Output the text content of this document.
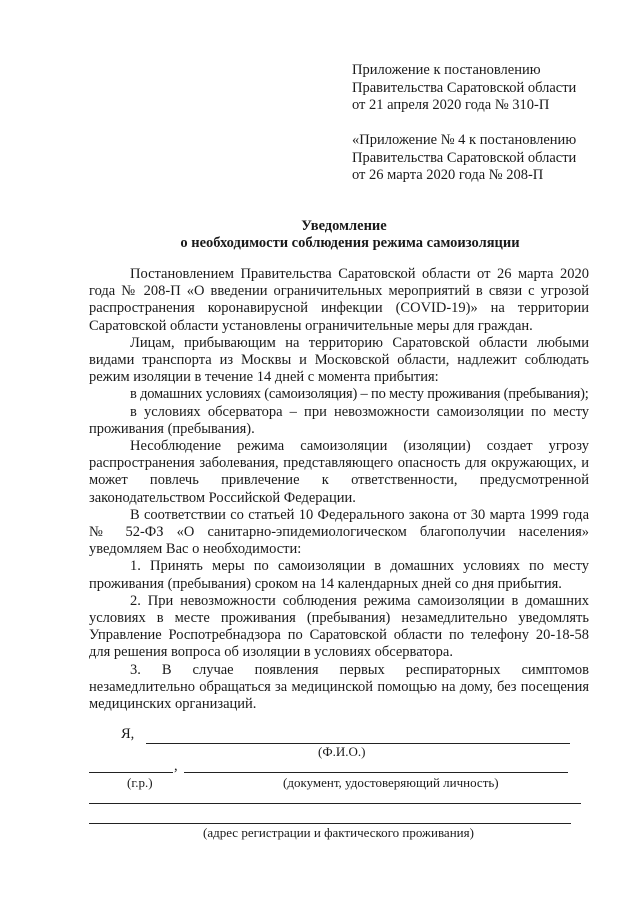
Приложение к постановлению
Правительства Саратовской области
от 21 апреля 2020 года № 310-П
«Приложение № 4 к постановлению
Правительства Саратовской области
от 26 марта 2020 года № 208-П
Уведомление
о необходимости соблюдения режима самоизоляции

Постановлением Правительства Саратовской области от 26 марта 2020 года № 208-П «О введении ограничительных мероприятий в связи с угрозой распространения коронавирусной инфекции (COVID-19)» на территории Саратовской области установлены ограничительные меры для граждан.

Лицам, прибывающим на территорию Саратовской области любыми видами транспорта из Москвы и Московской области, надлежит соблюдать режим изоляции в течение 14 дней с момента прибытия:

в домашних условиях (самоизоляция) – по месту проживания (пребывания);

в условиях обсерватора – при невозможности самоизоляции по месту проживания (пребывания).

Несоблюдение режима самоизоляции (изоляции) создает угрозу распространения заболевания, представляющего опасность для окружающих, и может повлечь привлечение к ответственности, предусмотренной законодательством Российской Федерации.

В соответствии со статьей 10 Федерального закона от 30 марта 1999 года № 52-ФЗ «О санитарно-эпидемиологическом благополучии населения» уведомляем Вас о необходимости:

1. Принять меры по самоизоляции в домашних условиях по месту проживания (пребывания) сроком на 14 календарных дней со дня прибытия.

2. При невозможности соблюдения режима самоизоляции в домашних условиях в месте проживания (пребывания) незамедлительно уведомлять Управление Роспотребнадзора по Саратовской области по телефону 20-18-58 для решения вопроса об изоляции в условиях обсерватора.

3. В случае появления первых респираторных симптомов незамедлительно обращаться за медицинской помощью на дому, без посещения медицинских организаций.

Я,
(Ф.И.О.)
,
(г.р.)	(документ, удостоверяющий личность)
(адрес регистрации и фактического проживания)
